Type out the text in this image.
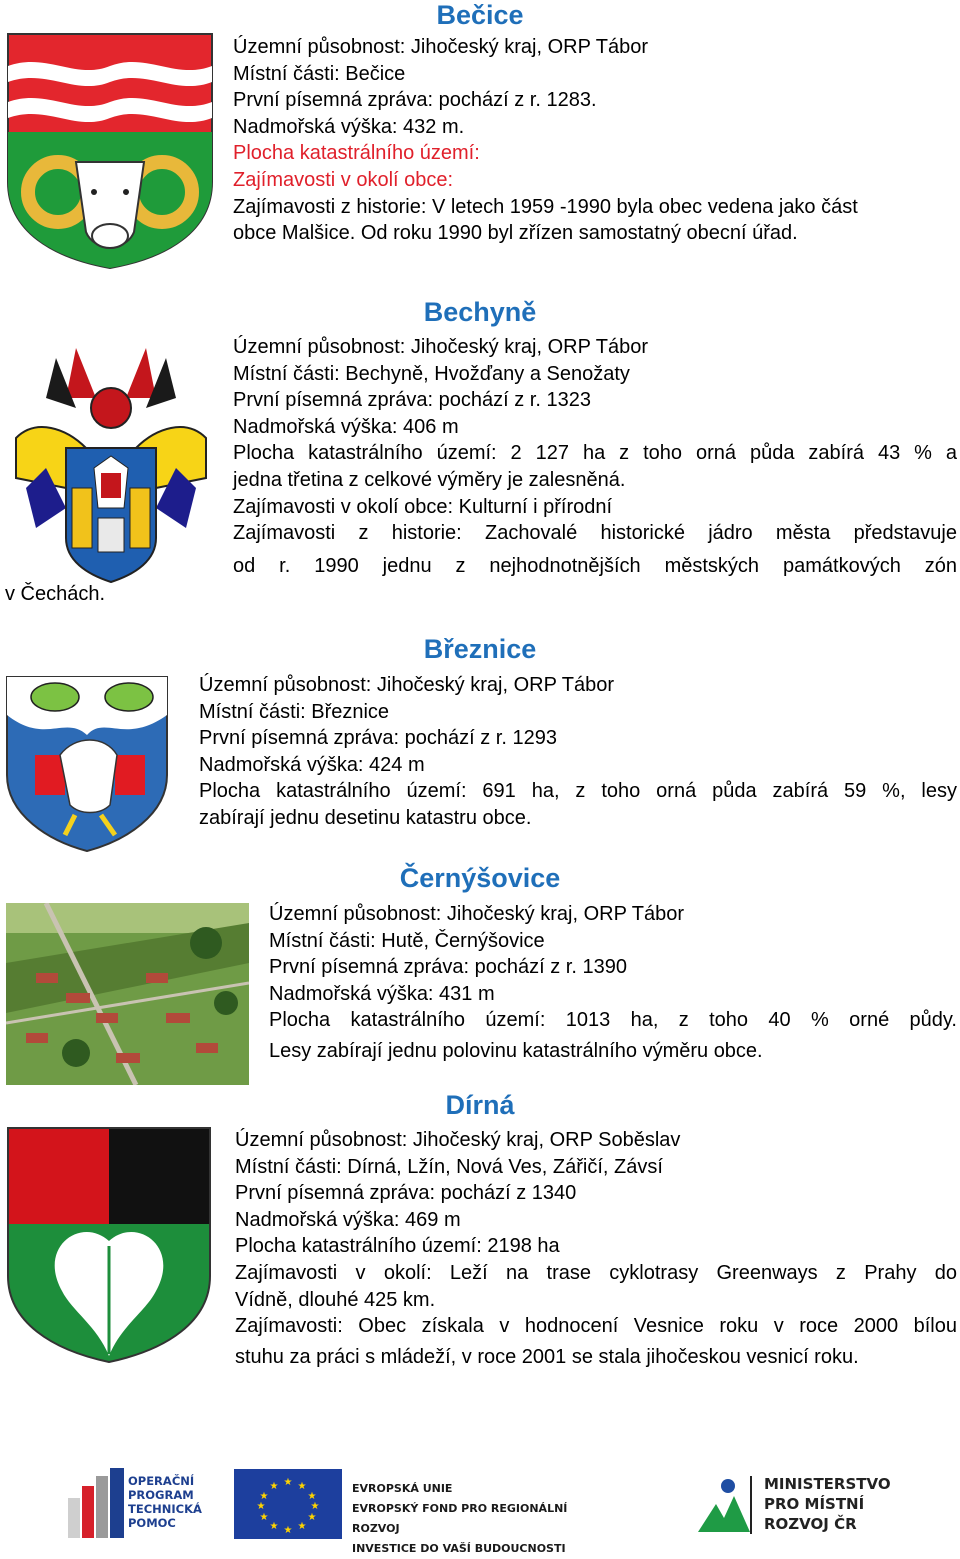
Bečice
Územní působnost: Jihočeský kraj, ORP Tábor
Místní části: Bečice
První písemná zpráva: pochází z r. 1283.
Nadmořská výška: 432 m.
Plocha katastrálního území:
Zajímavosti v okolí obce:
Zajímavosti z historie: V letech 1959 -1990 byla obec vedena jako část
obce Malšice. Od roku 1990 byl zřízen samostatný obecní úřad.
Bechyně
Územní působnost: Jihočeský kraj, ORP Tábor
Místní části: Bechyně, Hvožďany a Senožaty
První písemná zpráva: pochází z r. 1323
Nadmořská výška: 406 m
Plocha katastrálního území: 2 127 ha z toho orná půda zabírá 43 % a
jedna třetina z celkové výměry je zalesněná.
Zajímavosti v okolí obce: Kulturní i přírodní
Zajímavosti z historie: Zachovalé historické jádro města představuje
od r. 1990 jednu z nejhodnotnějších městských památkových zón
v Čechách.
Březnice
Územní působnost: Jihočeský kraj, ORP Tábor
Místní části: Březnice
První písemná zpráva: pochází z r. 1293
Nadmořská výška: 424 m
Plocha katastrálního území: 691 ha, z toho orná půda zabírá 59 %, lesy
zabírají jednu desetinu katastru obce.
Černýšovice
Územní působnost: Jihočeský kraj, ORP Tábor
Místní části: Hutě, Černýšovice
První písemná zpráva: pochází z r. 1390
Nadmořská výška: 431 m
Plocha katastrálního území: 1013 ha, z toho 40 % orné půdy.
Lesy zabírají jednu polovinu katastrálního výměru obce.
Dírná
Územní působnost: Jihočeský kraj, ORP Soběslav
Místní části: Dírná, Lžín, Nová Ves, Zářičí, Závsí
První písemná zpráva: pochází z 1340
Nadmořská výška: 469 m
Plocha katastrálního území: 2198 ha
Zajímavosti v okolí: Leží na trase cyklotrasy Greenways z Prahy do
Vídně, dlouhé 425 km.
Zajímavosti: Obec získala v hodnocení Vesnice roku v roce 2000 bílou
stuhu za práci s mládeží, v roce 2001 se stala jihočeskou vesnicí roku.
OPERAČNÍ
PROGRAM
TECHNICKÁ
POMOC
★ ★
★
★
★
★
★
★
★
★
★
★	EVROPSKÁ UNIE
EVROPSKÝ FOND PRO REGIONÁLNÍ ROZVOJ
INVESTICE DO VAŠÍ BUDOUCNOSTI
MINISTERSTVO
PRO MÍSTNÍ
ROZVOJ ČR
